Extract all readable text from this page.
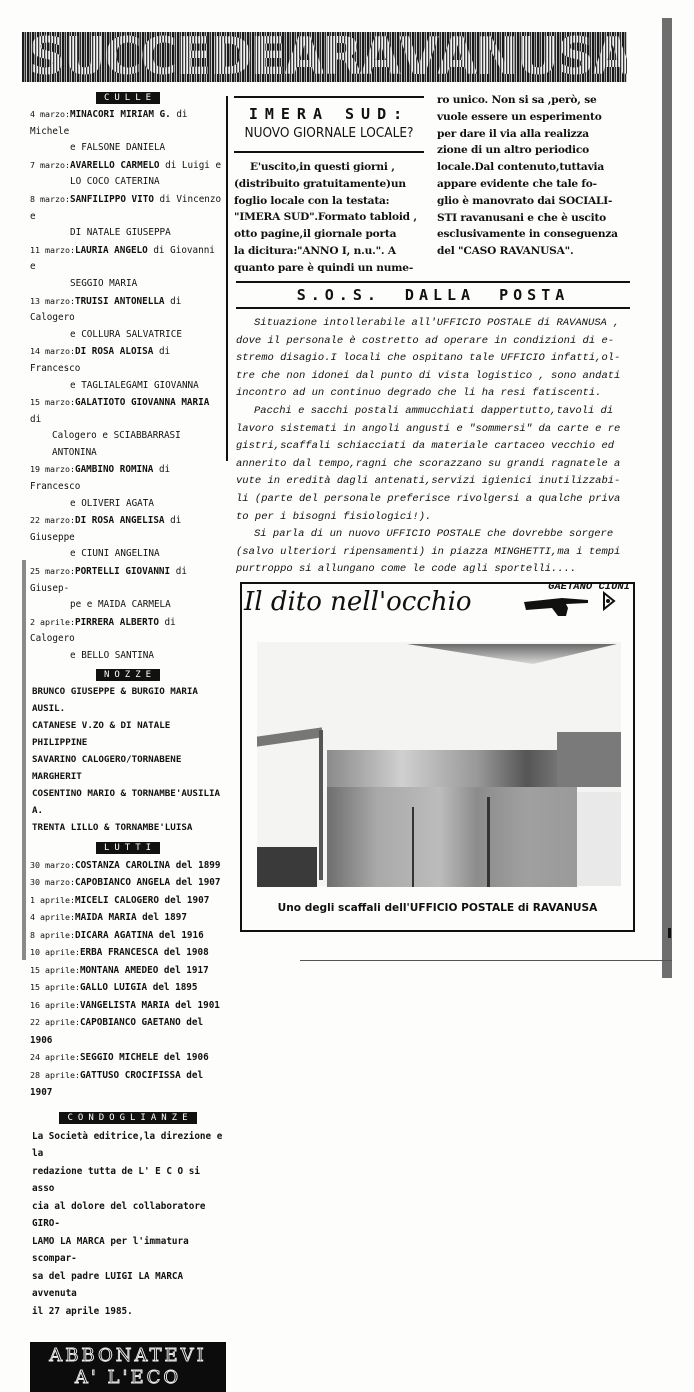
S U C C E D E A R A V A N U S A
CULLE
4 marzo:MINACORI MIRIAM G. di Michele
e FALSONE DANIELA
7 marzo:AVARELLO CARMELO di Luigi e
LO COCO CATERINA
8 marzo:SANFILIPPO VITO di Vincenzo e
DI NATALE GIUSEPPA
11 marzo:LAURIA ANGELO di Giovanni e
SEGGIO MARIA
13 marzo:TRUISI ANTONELLA di Calogero
e COLLURA SALVATRICE
14 marzo:DI ROSA ALOISA di Francesco
e TAGLIALEGAMI GIOVANNA
15 marzo:GALATIOTO GIOVANNA MARIA di
Calogero e SCIABBARRASI ANTONINA
19 marzo:GAMBINO ROMINA di Francesco
e OLIVERI AGATA
22 marzo:DI ROSA ANGELISA di Giuseppe
e CIUNI ANGELINA
25 marzo:PORTELLI GIOVANNI di Giusep-
pe e MAIDA CARMELA
2 aprile:PIRRERA ALBERTO di Calogero
e BELLO SANTINA
NOZZE
BRUNCO GIUSEPPE & BURGIO MARIA AUSIL.
CATANESE V.ZO & DI NATALE PHILIPPINE
SAVARINO CALOGERO/TORNABENE MARGHERIT
COSENTINO MARIO & TORNAMBE'AUSILIA A.
TRENTA LILLO & TORNAMBE'LUISA
LUTTI
30 marzo:COSTANZA CAROLINA del 1899
30 marzo:CAPOBIANCO ANGELA del 1907
1 aprile:MICELI CALOGERO del 1907
4 aprile:MAIDA MARIA del 1897
8 aprile:DICARA AGATINA del 1916
10 aprile:ERBA FRANCESCA del 1908
15 aprile:MONTANA AMEDEO del 1917
15 aprile:GALLO LUIGIA del 1895
16 aprile:VANGELISTA MARIA del 1901
22 aprile:CAPOBIANCO GAETANO del 1906
24 aprile:SEGGIO MICHELE del 1906
28 aprile:GATTUSO CROCIFISSA del 1907
CONDOGLIANZE
La Società editrice,la direzione e la
redazione tutta de L' E C O si asso
cia al dolore del collaboratore GIRO-
LAMO LA MARCA per l'immatura scompar-
sa del padre LUIGI LA MARCA avvenuta
il 27 aprile 1985.
ABBONATEVI
A' L'ECO
IMERA SUD:
NUOVO GIORNALE LOCALE?
E'uscito,in questi giorni ,
(distribuito gratuitamente)un
foglio locale con la testata:
"IMERA SUD".Formato tabloid ,
otto pagine,il giornale porta
la dicitura:"ANNO I, n.u.". A
quanto pare è quindi un nume-
ro unico. Non si sa ,però, se
vuole essere un esperimento
per dare il via alla realizza
zione di un altro periodico
locale.Dal contenuto,tuttavia
appare evidente che tale fo-
glio è manovrato dai SOCIALI-
STI ravanusani e che è uscito
esclusivamente in conseguenza
del "CASO RAVANUSA".
S.O.S. DALLA POSTA

Situazione intollerabile all'UFFICIO POSTALE di RAVANUSA ,

dove il personale è costretto ad operare in condizioni di e-

stremo disagio.I locali che ospitano tale UFFICIO infatti,ol-

tre che non idonei dal punto di vista logistico , sono andati

incontro ad un continuo degrado che li ha resi fatiscenti.

Pacchi e sacchi postali ammucchiati dappertutto,tavoli di

lavoro sistemati in angoli angusti e "sommersi" da carte e re

gistri,scaffali schiacciati da materiale cartaceo vecchio ed

annerito dal tempo,ragni che scorazzano su grandi ragnatele a

vute in eredità dagli antenati,servizi igienici inutilizzabi-

li (parte del personale preferisce rivolgersi a qualche priva

to per i bisogni fisiologici!).

Si parla di un nuovo UFFICIO POSTALE che dovrebbe sorgere

(salvo ulteriori ripensamenti) in piazza MINGHETTI,ma i tempi

purtroppo si allungano come le code agli sportelli....

GAETANO CIUNI
Il dito nell'occhio
Uno degli scaffali dell'UFFICIO POSTALE di RAVANUSA
